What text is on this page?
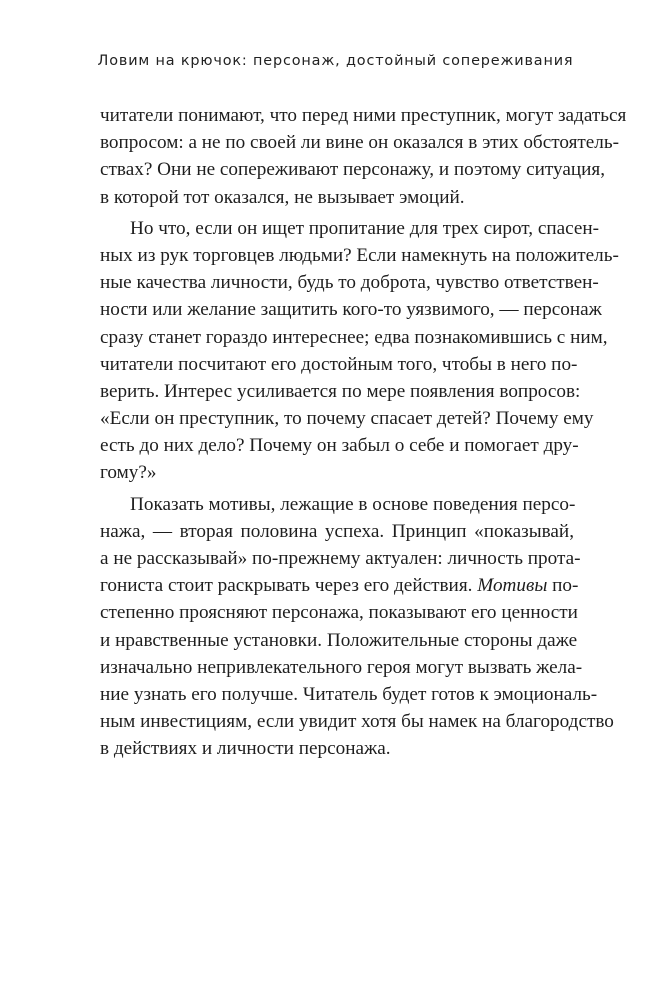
Ловим на крючок: персонаж, достойный сопереживания

читатели понимают, что перед ними преступник, могут задаться
вопросом: а не по своей ли вине он оказался в этих обстоятель-
ствах? Они не сопереживают персонажу, и поэтому ситуация,
в которой тот оказался, не вызывает эмоций.

Но что, если он ищет пропитание для трех сирот, спасен-
ных из рук торговцев людьми? Если намекнуть на положитель-
ные качества личности, будь то доброта, чувство ответствен-
ности или желание защитить кого-то уязвимого, — персонаж
сразу станет гораздо интереснее; едва познакомившись с ним,
читатели посчитают его достойным того, чтобы в него по-
верить. Интерес усиливается по мере появления вопросов:
«Если он преступник, то почему спасает детей? Почему ему
есть до них дело? Почему он забыл о себе и помогает дру-
гому?»

Показать мотивы, лежащие в основе поведения персо-
нажа, — вторая половина успеха. Принцип «показывай,
а не рассказывай» по-прежнему актуален: личность прота-
гониста стоит раскрывать через его действия. Мотивы по-
степенно проясняют персонажа, показывают его ценности
и нравственные установки. Положительные стороны даже
изначально непривлекательного героя могут вызвать жела-
ние узнать его получше. Читатель будет готов к эмоциональ-
ным инвестициям, если увидит хотя бы намек на благородство
в действиях и личности персонажа.
